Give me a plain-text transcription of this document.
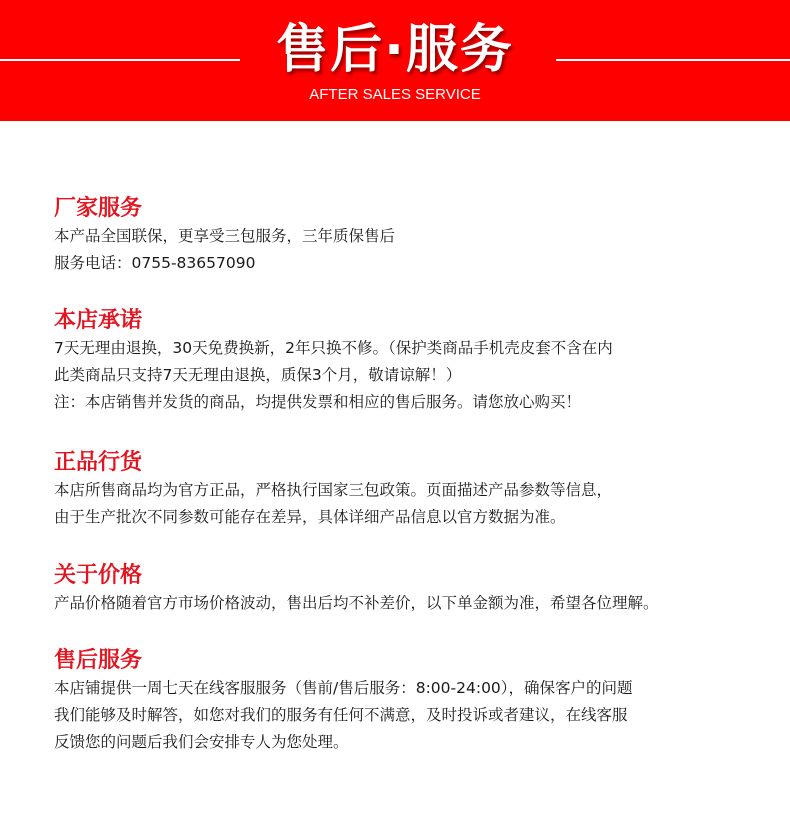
售后·服务
AFTER SALES SERVICE
厂家服务

本产品全国联保，更享受三包服务，三年质保售后

服务电话：0755-83657090

本店承诺

7天无理由退换，30天免费换新，2年只换不修。（保护类商品手机壳皮套不含在内

此类商品只支持7天无理由退换，质保3个月，敬请谅解！）

注：本店销售并发货的商品，均提供发票和相应的售后服务。请您放心购买！

正品行货

本店所售商品均为官方正品，严格执行国家三包政策。页面描述产品参数等信息，

由于生产批次不同参数可能存在差异，具体详细产品信息以官方数据为准。

关于价格

产品价格随着官方市场价格波动，售出后均不补差价，以下单金额为准，希望各位理解。

售后服务

本店铺提供一周七天在线客服服务（售前/售后服务：8:00-24:00），确保客户的问题

我们能够及时解答，如您对我们的服务有任何不满意，及时投诉或者建议，在线客服

反馈您的问题后我们会安排专人为您处理。
